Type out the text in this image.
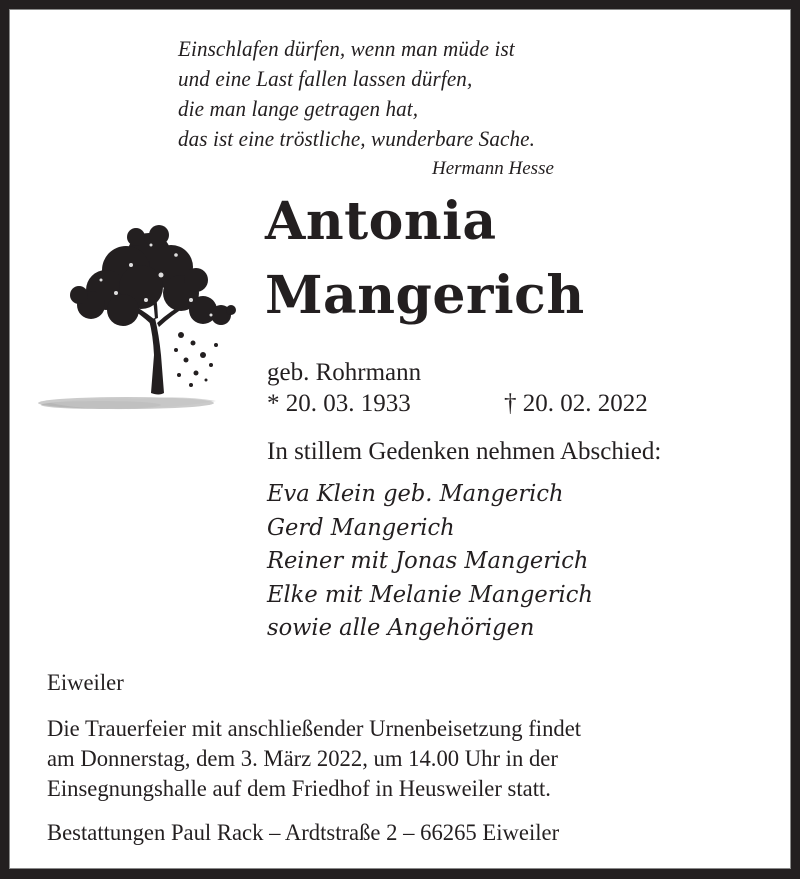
Einschlafen dürfen, wenn man müde ist
und eine Last fallen lassen dürfen,
die man lange getragen hat,
das ist eine tröstliche, wunderbare Sache.
Hermann Hesse
Antonia
Mangerich
geb. Rohrmann
* 20. 03. 1933	† 20. 02. 2022
In stillem Gedenken nehmen Abschied:
Eva Klein geb. Mangerich
Gerd Mangerich
Reiner mit Jonas Mangerich
Elke mit Melanie Mangerich
sowie alle Angehörigen
Eiweiler
Die Trauerfeier mit anschließender Urnenbeisetzung findet
am Donnerstag, dem 3. März 2022, um 14.00 Uhr in der
Einsegnungshalle auf dem Friedhof in Heusweiler statt.
Bestattungen Paul Rack – Ardtstraße 2 – 66265 Eiweiler
